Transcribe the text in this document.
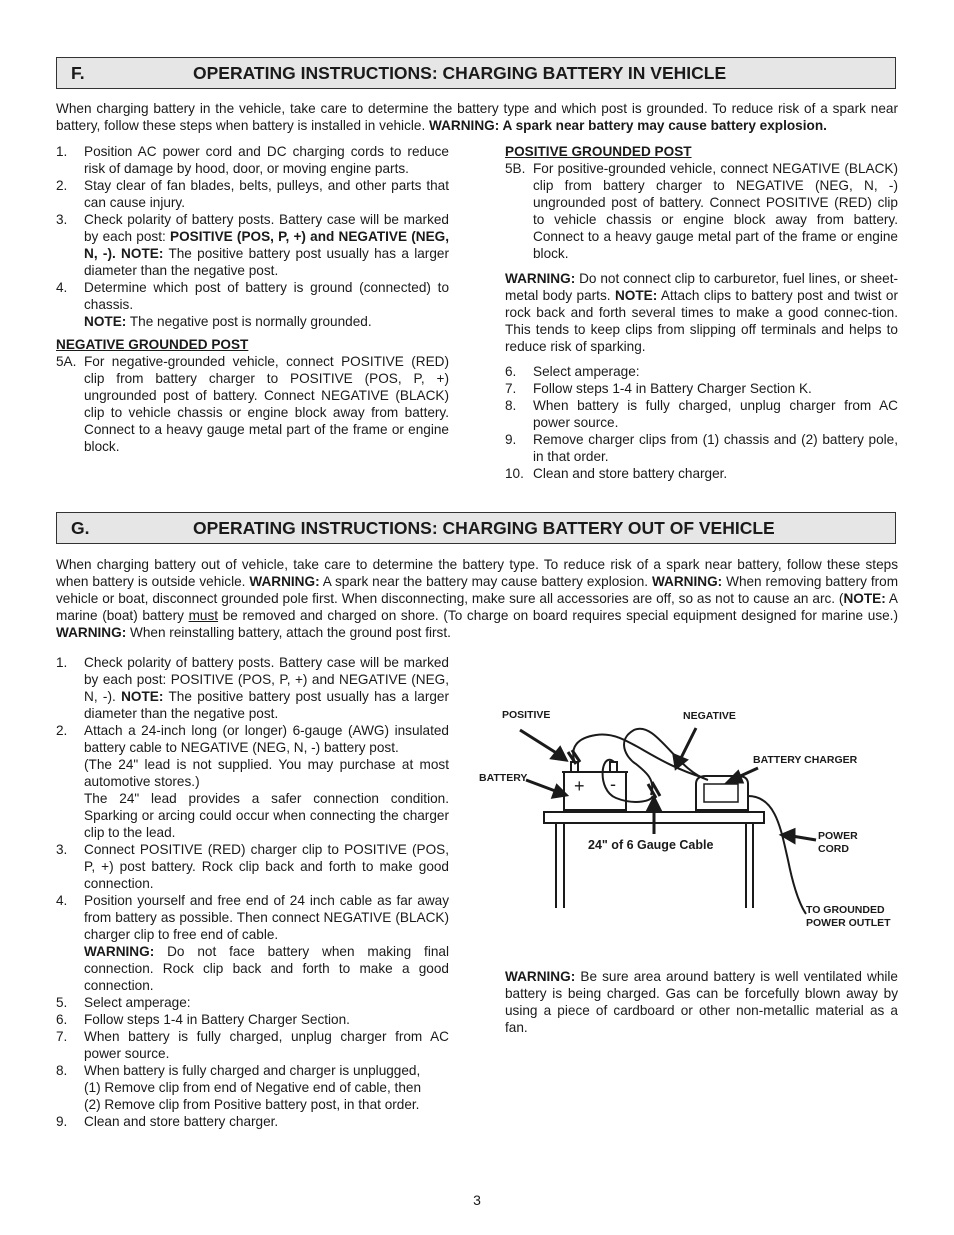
F.	OPERATING INSTRUCTIONS: CHARGING BATTERY IN VEHICLE

When charging battery in the vehicle, take care to determine the battery type and which post is grounded. To reduce risk of a spark near battery, follow these steps when battery is installed in vehicle. WARNING: A spark near battery may cause battery explosion.

1.	Position AC power cord and DC charging cords to reduce risk of damage by hood, door, or moving engine parts.
2.	Stay clear of fan blades, belts, pulleys, and other parts that can cause injury.
3.	Check polarity of battery posts. Battery case will be marked by each post: POSITIVE (POS, P, +) and NEGATIVE (NEG, N, -). NOTE: The positive battery post usually has a larger diameter than the negative post.
4.	Determine which post of battery is ground (connected) to chassis.
NOTE: The negative post is normally grounded.
NEGATIVE GROUNDED POST
5A. For negative-grounded vehicle, connect POSITIVE (RED) clip from battery charger to POSITIVE (POS, P, +) ungrounded post of battery. Connect NEGATIVE (BLACK) clip to vehicle chassis or engine block away from battery. Connect to a heavy gauge metal part of the frame or engine block.
POSITIVE GROUNDED POST
5B. For positive-grounded vehicle, connect NEGATIVE (BLACK) clip from battery charger to NEGATIVE (NEG, N, -) ungrounded post of battery. Connect POSITIVE (RED) clip to vehicle chassis or engine block away from battery. Connect to a heavy gauge metal part of the frame or engine block.
WARNING: Do not connect clip to carburetor, fuel lines, or sheet-metal body parts. NOTE: Attach clips to battery post and twist or rock back and forth several times to make a good connec-tion. This tends to keep clips from slipping off terminals and helps to reduce risk of sparking.
6.	Select amperage:
7.	Follow steps 1-4 in Battery Charger Section K.
8.	When battery is fully charged, unplug charger from AC power source.
9.	Remove charger clips from (1) chassis and (2) battery pole, in that order.
10. Clean and store battery charger.
G.	OPERATING INSTRUCTIONS: CHARGING BATTERY OUT OF VEHICLE

When charging battery out of vehicle, take care to determine the battery type. To reduce risk of a spark near battery, follow these steps when battery is outside vehicle. WARNING: A spark near the battery may cause battery explosion. WARNING: When removing battery from vehicle or boat, disconnect grounded pole first. When disconnecting, make sure all accessories are off, so as not to cause an arc. (NOTE: A marine (boat) battery must be removed and charged on shore. (To charge on board requires special equipment designed for marine use.) WARNING: When reinstalling battery, attach the ground post first.

1.	Check polarity of battery posts. Battery case will be marked by each post: POSITIVE (POS, P, +) and NEGATIVE (NEG, N, -). NOTE: The positive battery post usually has a larger diameter than the negative post.
2.	Attach a 24-inch long (or longer) 6-gauge (AWG) insulated battery cable to NEGATIVE (NEG, N, -) battery post.
(The 24" lead is not supplied. You may purchase at most automotive stores.)
The 24" lead provides a safer connection condition. Sparking or arcing could occur when connecting the charger clip to the lead.
3.	Connect POSITIVE (RED) charger clip to POSITIVE (POS, P, +) post battery. Rock clip back and forth to make good connection.
4.	Position yourself and free end of 24 inch cable as far away from battery as possible. Then connect NEGATIVE (BLACK) charger clip to free end of cable.
WARNING: Do not face battery when making final connection. Rock clip back and forth to make a good connection.
5.	Select amperage:
6.	Follow steps 1-4 in Battery Charger Section.
7.	When battery is fully charged, unplug charger from AC power source.
8.	When battery is fully charged and charger is unplugged,
(1) Remove clip from end of Negative end of cable, then
(2) Remove clip from Positive battery post, in that order.
9.	Clean and store battery charger.
+ -
POSITIVE	NEGATIVE
BATTERY
BATTERY CHARGER
POWER
CORD
TO GROUNDED
POWER OUTLET
24" of 6 Gauge Cable
WARNING: Be sure area around battery is well ventilated while battery is being charged. Gas can be forcefully blown away by using a piece of cardboard or other non-metallic material as a fan.
3
